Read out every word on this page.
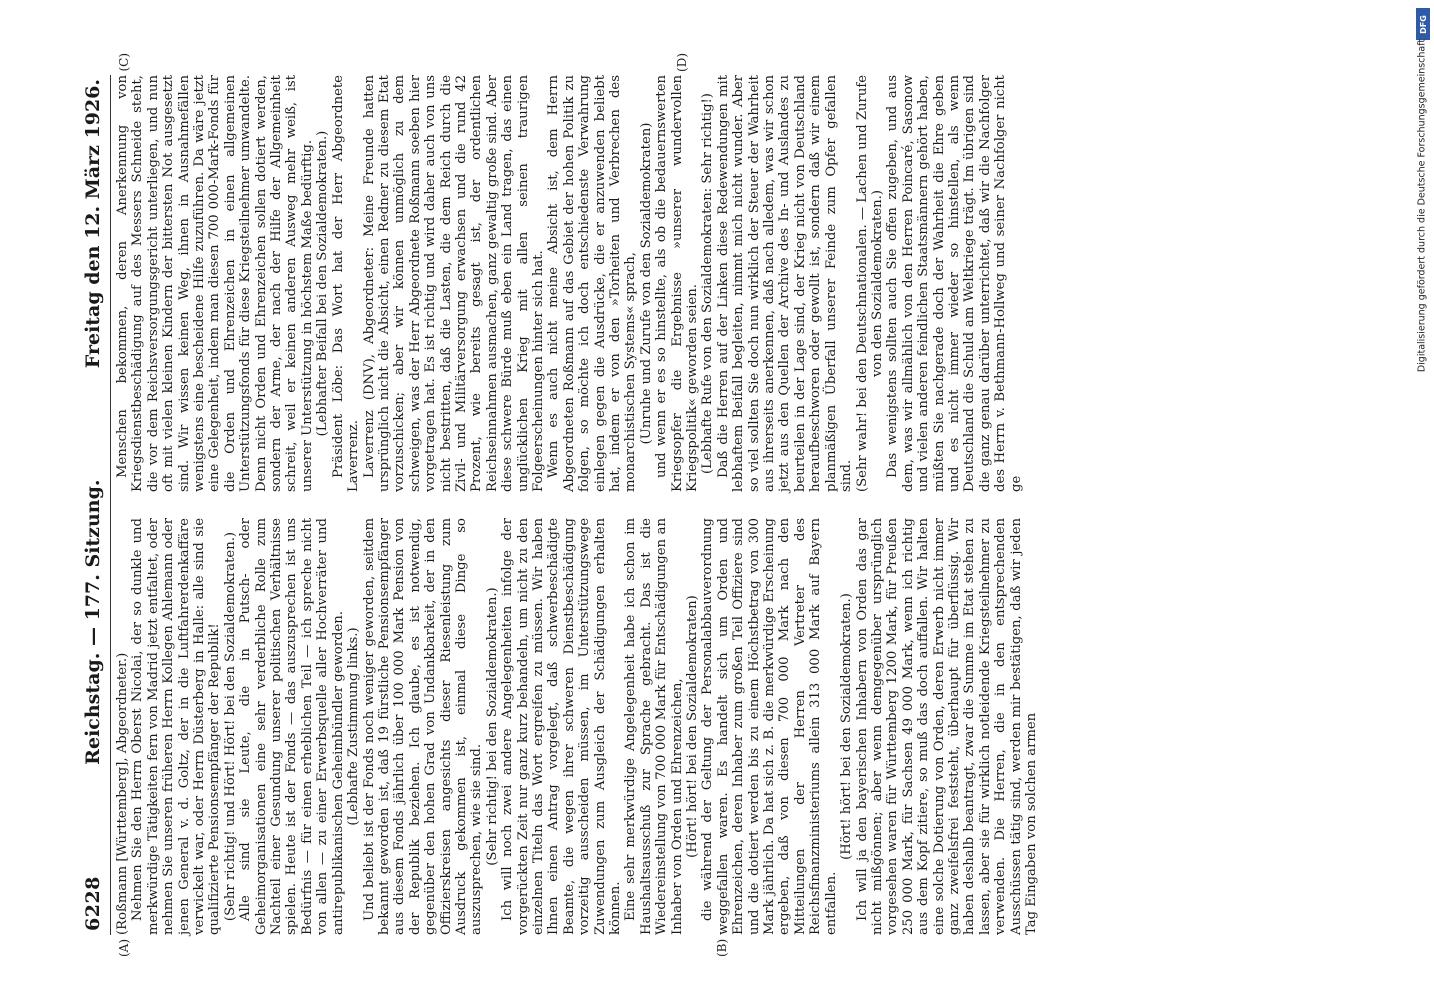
6228
Reichstag. — 177. Sitzung.
Freitag den 12. März 1926.
(A)	(B)

(Roßmann [Württemberg], Abgeordneter.) Nehmen Sie den Herrn Oberst Nicolai, der so dunkle und merkwürdige Tätigkeiten fern von Madrid jetzt entfaltet, oder nehmen Sie unseren früheren Herrn Kollegen Ahlemann oder jenen General v. d. Goltz, der in die Luftfahrerdenkaffäre verwickelt war, oder Herrn Düsterberg in Halle: alle sind sie qualifizierte Pensionsempfänger der Republik! (Sehr richtig! und Hört! Hört! bei den Sozialdemokraten.) Alle sind sie Leute, die in Putsch- oder Geheimorganisationen eine sehr verderbliche Rolle zum Nachteil einer Gesundung unserer politischen Verhältnisse spielen. Heute ist der Fonds — das auszusprechen ist uns Bedürfnis — für einen erheblichen Teil — ich spreche nicht von allen — zu einer Erwerbsquelle aller Hochverräter und antirepublikanischen Geheimbündler geworden. (Lebhafte Zustimmung links.) Und beliebt ist der Fonds noch weniger geworden, seitdem bekannt geworden ist, daß 19 fürstliche Pensionsempfänger aus diesem Fonds jährlich über 100 000 Mark Pension von der Republik beziehen. Ich glaube, es ist notwendig, gegenüber den hohen Grad von Undankbarkeit, der in den Offizierskreisen angesichts dieser Riesenleistung zum Ausdruck gekommen ist, einmal diese Dinge so auszusprechen, wie sie sind. (Sehr richtig! bei den Sozialdemokraten.) Ich will noch zwei andere Angelegenheiten infolge der vorgerückten Zeit nur ganz kurz behandeln, um nicht zu den einzelnen Titeln das Wort ergreifen zu müssen. Wir haben Ihnen einen Antrag vorgelegt, daß schwerbeschädigte Beamte, die wegen ihrer schweren Dienstbeschädigung vorzeitig ausscheiden müssen, im Unterstützungswege Zuwendungen zum Ausgleich der Schädigungen erhalten können. Eine sehr merkwürdige Angelegenheit habe ich schon im Haushaltsausschuß zur Sprache gebracht. Das ist die Wiedereinstellung von 700 000 Mark für Entschädigungen an Inhaber von Orden und Ehrenzeichen, (Hört! hört! bei den Sozialdemokraten) die während der Geltung der Personalabbauverordnung weggefallen waren. Es handelt sich um Orden und Ehrenzeichen, deren Inhaber zum großen Teil Offiziere sind und die dotiert werden bis zu einem Höchstbetrag von 300 Mark jährlich. Da hat sich z. B. die merkwürdige Erscheinung ergeben, daß von diesen 700 000 Mark nach den Mitteilungen der Herren Vertreter des Reichsfinanzministeriums allein 313 000 Mark auf Bayern entfallen.

(Hört! hört! bei den Sozialdemokraten.) Ich will ja den bayerischen Inhabern von Orden das gar nicht mißgönnen; aber wenn demgegenüber ursprünglich vorgesehen waren für Württemberg 1200 Mark, für Preußen 250 000 Mark, für Sachsen 49 000 Mark, wenn ich richtig aus dem Kopf zitiere, so muß das doch auffallen. Wir halten eine solche Dotierung von Orden, deren Erwerb nicht immer ganz zweifelsfrei feststeht, überhaupt für überflüssig. Wir haben deshalb beantragt, zwar die Summe im Etat stehen zu lassen, aber sie für wirklich notleidende Kriegsteilnehmer zu verwenden. Die Herren, die in den entsprechenden Ausschüssen tätig sind, werden mir bestätigen, daß wir jeden Tag Eingaben von solchen armen

(C)	(D)

Menschen bekommen, deren Anerkennung von Kriegsdienstbeschädigung auf des Messers Schneide steht, die vor dem Reichsversorgungsgericht unterliegen, und nun oft mit vielen kleinen Kindern der bittersten Not ausgesetzt sind. Wir wissen keinen Weg, ihnen in Ausnahmefällen wenigstens eine bescheidene Hilfe zuzuführen. Da wäre jetzt eine Gelegenheit, indem man diesen 700 000-Mark-Fonds für die Orden und Ehrenzeichen in einen allgemeinen Unterstützungsfonds für diese Kriegsteilnehmer umwandelte. Denn nicht Orden und Ehrenzeichen sollen dotiert werden, sondern der Arme, der nach der Hilfe der Allgemeinheit schreit, weil er keinen anderen Ausweg mehr weiß, ist unserer Unterstützung in höchstem Maße bedürftig. (Lebhafter Beifall bei den Sozialdemokraten.) Präsident Löbe: Das Wort hat der Herr Abgeordnete Laverrenz. Laverrenz (DNV), Abgeordneter: Meine Freunde hatten ursprünglich nicht die Absicht, einen Redner zu diesem Etat vorzuschicken; aber wir können unmöglich zu dem schweigen, was der Herr Abgeordnete Roßmann soeben hier vorgetragen hat. Es ist richtig und wird daher auch von uns nicht bestritten, daß die Lasten, die dem Reich durch die Zivil- und Militärversorgung erwachsen und die rund 42 Prozent, wie bereits gesagt ist, der ordentlichen Reichseinnahmen ausmachen, ganz gewaltig große sind. Aber diese schwere Bürde muß eben ein Land tragen, das einen unglücklichen Krieg mit allen seinen traurigen Folgeerscheinungen hinter sich hat. Wenn es auch nicht meine Absicht ist, dem Herrn Abgeordneten Roßmann auf das Gebiet der hohen Politik zu folgen, so möchte ich doch entschiedenste Verwahrung einlegen gegen die Ausdrücke, die er anzuwenden beliebt hat, indem er von den »Torheiten und Verbrechen des monarchistischen Systems« sprach, (Unruhe und Zurufe von den Sozialdemokraten) und wenn er es so hinstellte, als ob die bedauernswerten Kriegsopfer die Ergebnisse »unserer wundervollen Kriegspolitik« geworden seien. (Lebhafte Rufe von den Sozialdemokraten: Sehr richtig!) Daß die Herren auf der Linken diese Redewendungen mit lebhaftem Beifall begleiten, nimmt mich nicht wunder. Aber so viel sollten Sie doch nun wirklich der Steuer der Wahrheit aus ihrerseits anerkennen, daß nach alledem, was wir schon jetzt aus den Quellen der Archive des In- und Auslandes zu beurteilen in der Lage sind, der Krieg nicht von Deutschland heraufbeschworen oder gewollt ist, sondern daß wir einem planmäßigen Überfall unserer Feinde zum Opfer gefallen sind. (Sehr wahr! bei den Deutschnationalen. — Lachen und Zurufe von den Sozialdemokraten.) Das wenigstens sollten auch Sie offen zugeben, und aus dem, was wir allmählich von den Herren Poincaré, Sasonow und vielen anderen feindlichen Staatsmännern gehört haben, müßten Sie nachgerade doch der Wahrheit die Ehre geben und es nicht immer wieder so hinstellen, als wenn Deutschland die Schuld am Weltkriege trägt. Im übrigen sind die ganz genau darüber unterrichtet, daß wir die Nachfolger des Herrn v. Bethmann-Hollweg und seiner Nachfolger nicht ge

DFG
Digitalisierung gefördert durch die Deutsche Forschungsgemeinschaft
